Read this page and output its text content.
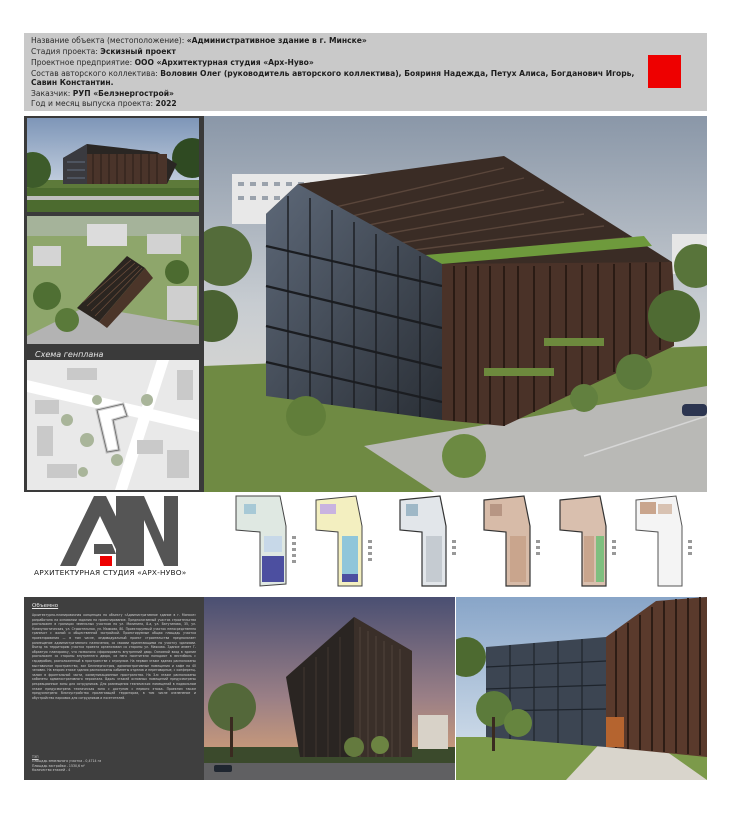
Название объекта (местоположение): «Административное здание в г. Минске»
Стадия проекта: Эскизный проект
Проектное предприятие: ООО «Архитектурная студия «Арх-Нуво»
Состав авторского коллектива: Воловин Олег (руководитель авторского коллектива), Бояриня Надежда, Петух Алиса, Богданович Игорь,
Савин Константин.
Заказчик: РУП «Белэнергострой»
Год и месяц выпуска проекта: 2022
Схема генплана
АРХИТЕКТУРНАЯ СТУДИЯ «АРХ-НУВО»
Объемно
Архитектурно-планировочная концепция по объекту «Административное здание в г. Минске» разработана на основании задания на проектирование. Предполагаемый участок строительства расположен в границах земельных участков по ул. Малинина, 8-а, ул. Ватутинова, 35, ул. Коммунистическая, ул. Cтроительная, ул. Маякова, 80. Проектируемый участок непосредственно граничит с жилой и общественной застройкой. Проектируемые общая площадь участка проектирования — в том числе, индивидуальный проект строительства предполагает размещение административного назначения, со своими прилегающими по участку зданиями. Въезд на территорию участка проекта организован со стороны ул. Маякова. Здание имеет Г-образную планировку, что позволило сформировать внутренний двор. Основной вход в здание расположен со стороны внутреннего двора, из него посетители попадают в вестибюль с гардеробом, расположенный в пространстве с атриумом. На первом этаже здания расположены выставочное пространство, зал Белэнергостроя, административные помещения и кафе на 40 человек. На втором этаже здания расположены кабинеты отделов и переговорные, с конференц-залом в фронтальной части, коммуникационные пространства. На 3-м этаже расположены кабинеты административного персонала. Вдоль этажей основных помещений предусмотрены рекреационные зоны для сотрудников. Для размещения технических помещений в подвальном этаже предусмотрена техническая зона с доступом с первого этажа. Проектом также предусмотрено благоустройство прилегающей территории, в том числе озеленение и обустройство парковок для сотрудников и посетителей.
ТЭП
Площадь земельного участка - 0,4714 га
Площадь застройки - 1530,6 м²
Количество этажей - 4
